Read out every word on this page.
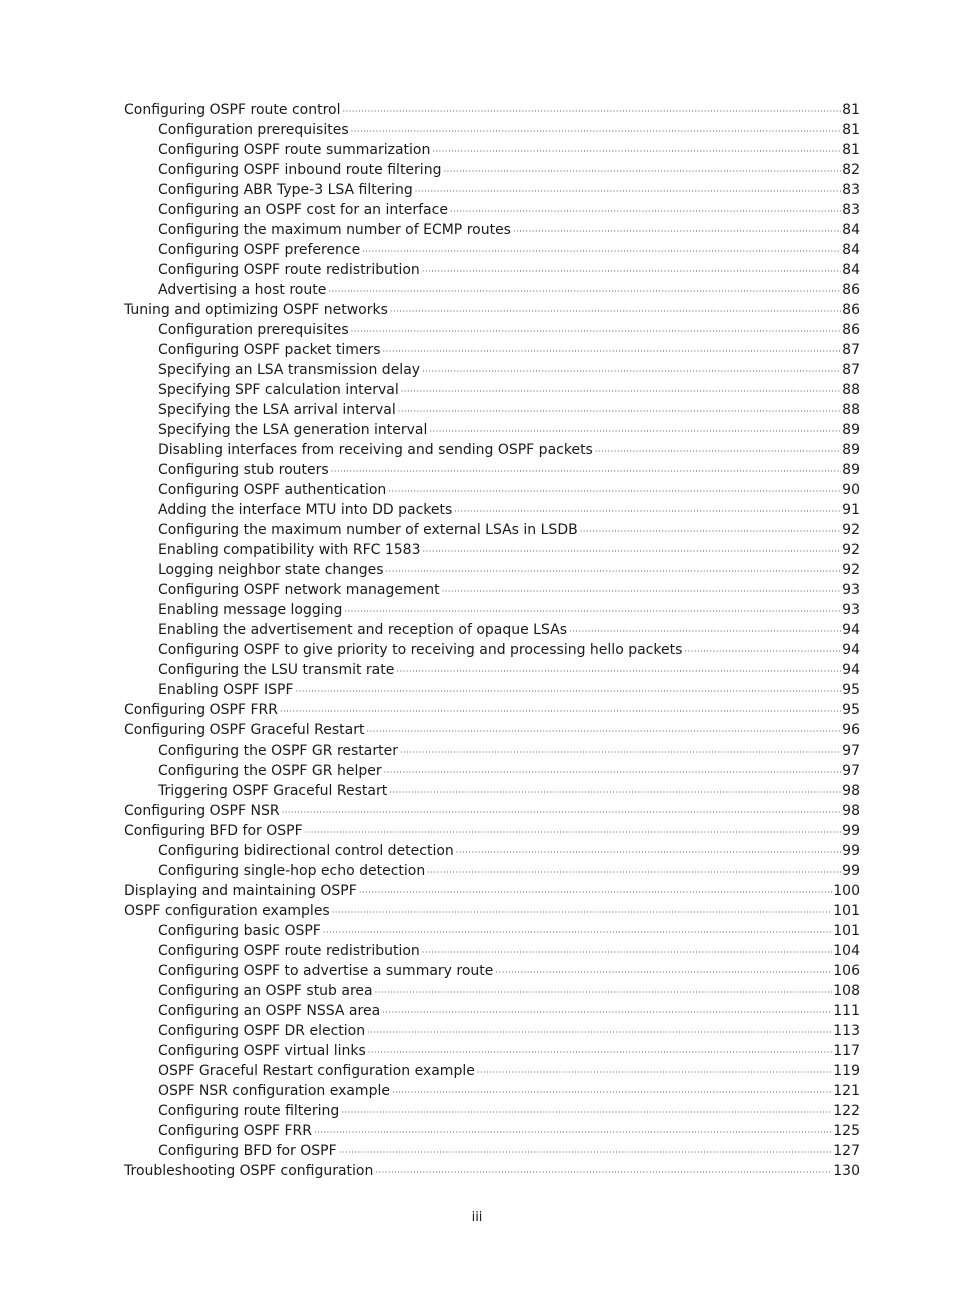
Configuring OSPF route control ·····	81
Configuration prerequisites ·····	81
Configuring OSPF route summarization ·····	81
Configuring OSPF inbound route filtering ·····	82
Configuring ABR Type-3 LSA filtering ·····	83
Configuring an OSPF cost for an interface ·····	83
Configuring the maximum number of ECMP routes ·····	84
Configuring OSPF preference ·····	84
Configuring OSPF route redistribution ·····	84
Advertising a host route ·····	86
Tuning and optimizing OSPF networks ·····	86
Configuration prerequisites ·····	86
Configuring OSPF packet timers ·····	87
Specifying an LSA transmission delay ·····	87
Specifying SPF calculation interval ·····	88
Specifying the LSA arrival interval ·····	88
Specifying the LSA generation interval ·····	89
Disabling interfaces from receiving and sending OSPF packets ·····	89
Configuring stub routers ·····	89
Configuring OSPF authentication ·····	90
Adding the interface MTU into DD packets ·····	91
Configuring the maximum number of external LSAs in LSDB ·····	92
Enabling compatibility with RFC 1583 ·····	92
Logging neighbor state changes ·····	92
Configuring OSPF network management ·····	93
Enabling message logging ·····	93
Enabling the advertisement and reception of opaque LSAs ·····	94
Configuring OSPF to give priority to receiving and processing hello packets ·····	94
Configuring the LSU transmit rate ·····	94
Enabling OSPF ISPF ·····	95
Configuring OSPF FRR ·····	95
Configuring OSPF Graceful Restart ·····	96
Configuring the OSPF GR restarter ·····	97
Configuring the OSPF GR helper ·····	97
Triggering OSPF Graceful Restart ·····	98
Configuring OSPF NSR ·····	98
Configuring BFD for OSPF ·····	99
Configuring bidirectional control detection ·····	99
Configuring single-hop echo detection ·····	99
Displaying and maintaining OSPF ·····	100
OSPF configuration examples ·····	101
Configuring basic OSPF ·····	101
Configuring OSPF route redistribution ·····	104
Configuring OSPF to advertise a summary route ·····	106
Configuring an OSPF stub area ·····	108
Configuring an OSPF NSSA area ·····	111
Configuring OSPF DR election ·····	113
Configuring OSPF virtual links ·····	117
OSPF Graceful Restart configuration example ·····	119
OSPF NSR configuration example ·····	121
Configuring route filtering ·····	122
Configuring OSPF FRR ·····	125
Configuring BFD for OSPF ·····	127
Troubleshooting OSPF configuration ·····	130
iii
